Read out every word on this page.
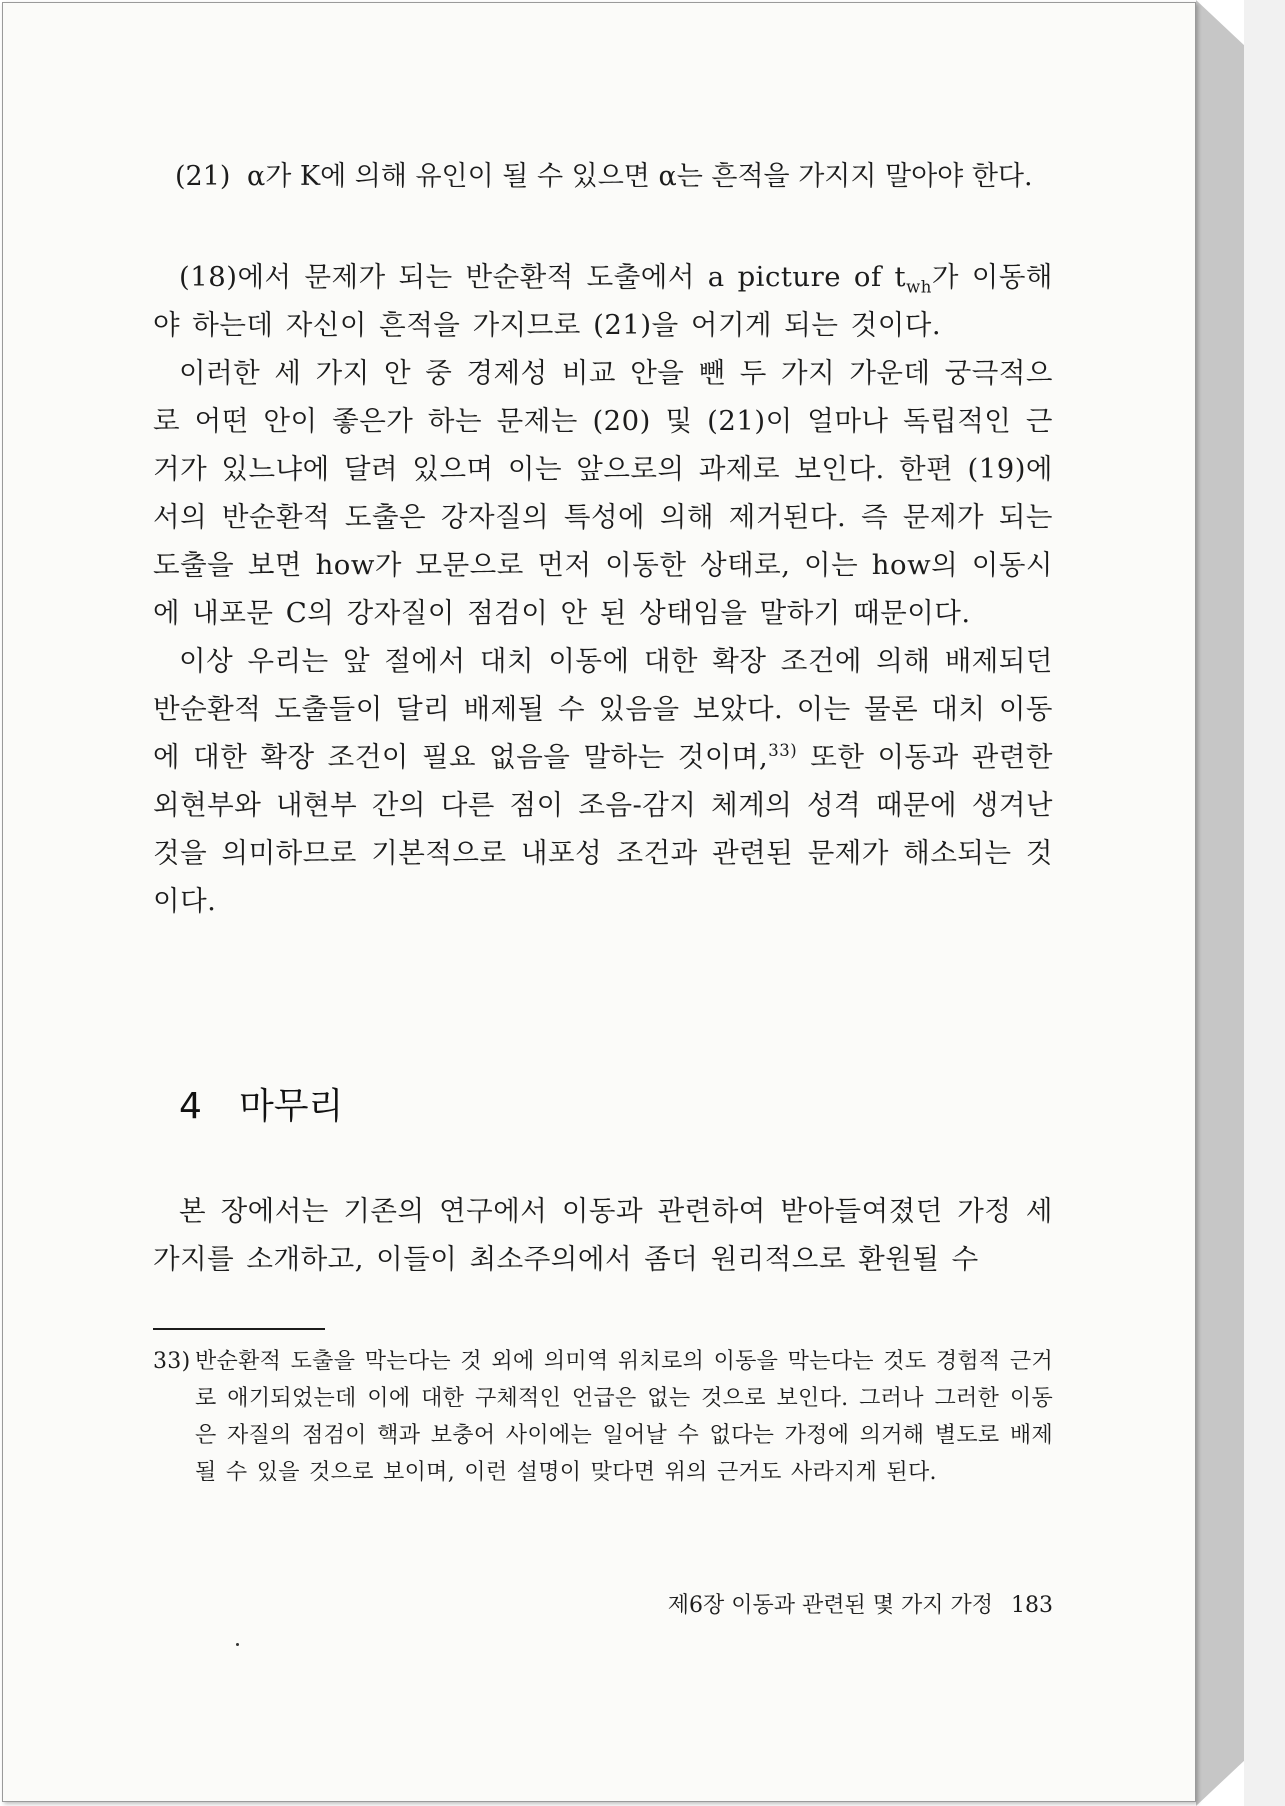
(21) α가 K에 의해 유인이 될 수 있으면 α는 흔적을 가지지 말아야 한다.

(18)에서 문제가 되는 반순환적 도출에서 a picture of $t_{wh}$가 이동해야 하는데 자신이 흔적을 가지므로 (21)을 어기게 되는 것이다.

이러한 세 가지 안 중 경제성 비교 안을 뺀 두 가지 가운데 궁극적으로 어떤 안이 좋은가 하는 문제는 (20) 및 (21)이 얼마나 독립적인 근거가 있느냐에 달려 있으며 이는 앞으로의 과제로 보인다. 한편 (19)에서의 반순환적 도출은 강자질의 특성에 의해 제거된다. 즉 문제가 되는 도출을 보면 how가 모문으로 먼저 이동한 상태로, 이는 how의 이동시에 내포문 C의 강자질이 점검이 안 된 상태임을 말하기 때문이다.

이상 우리는 앞 절에서 대치 이동에 대한 확장 조건에 의해 배제되던 반순환적 도출들이 달리 배제될 수 있음을 보았다. 이는 물론 대치 이동에 대한 확장 조건이 필요 없음을 말하는 것이며,$^{33)}$ 또한 이동과 관련한 외현부와 내현부 간의 다른 점이 조음-감지 체계의 성격 때문에 생겨난 것을 의미하므로 기본적으로 내포성 조건과 관련된 문제가 해소되는 것이다.

4 마무리

본 장에서는 기존의 연구에서 이동과 관련하여 받아들여졌던 가정 세 가지를 소개하고, 이들이 최소주의에서 좀더 원리적으로 환원될 수

33) 반순환적 도출을 막는다는 것 외에 의미역 위치로의 이동을 막는다는 것도 경험적 근거로 애기되었는데 이에 대한 구체적인 언급은 없는 것으로 보인다. 그러나 그러한 이동은 자질의 점검이 핵과 보충어 사이에는 일어날 수 없다는 가정에 의거해 별도로 배제될 수 있을 것으로 보이며, 이런 설명이 맞다면 위의 근거도 사라지게 된다.
제6장 이동과 관련된 몇 가지 가정 183
